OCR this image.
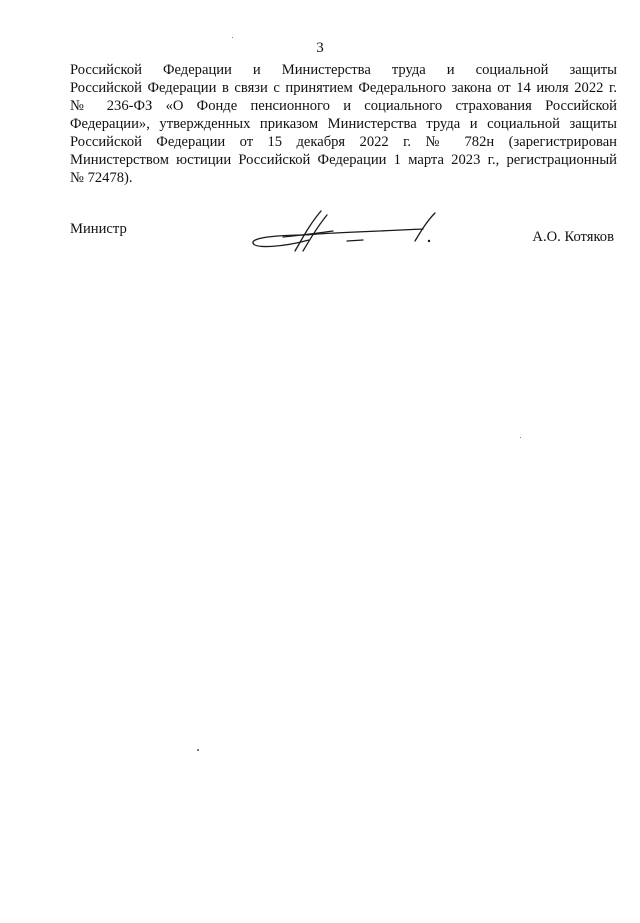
3
Российской Федерации и Министерства труда и социальной защиты
Российской Федерации в связи с принятием Федерального закона от 14 июля 2022 г.
№ 236-ФЗ «О Фонде пенсионного и социального страхования Российской
Федерации», утвержденных приказом Министерства труда и социальной защиты
Российской Федерации от 15 декабря 2022 г. № 782н (зарегистрирован
Министерством юстиции Российской Федерации 1 марта 2023 г., регистрационный
№ 72478).
Министр	А.О. Котяков
